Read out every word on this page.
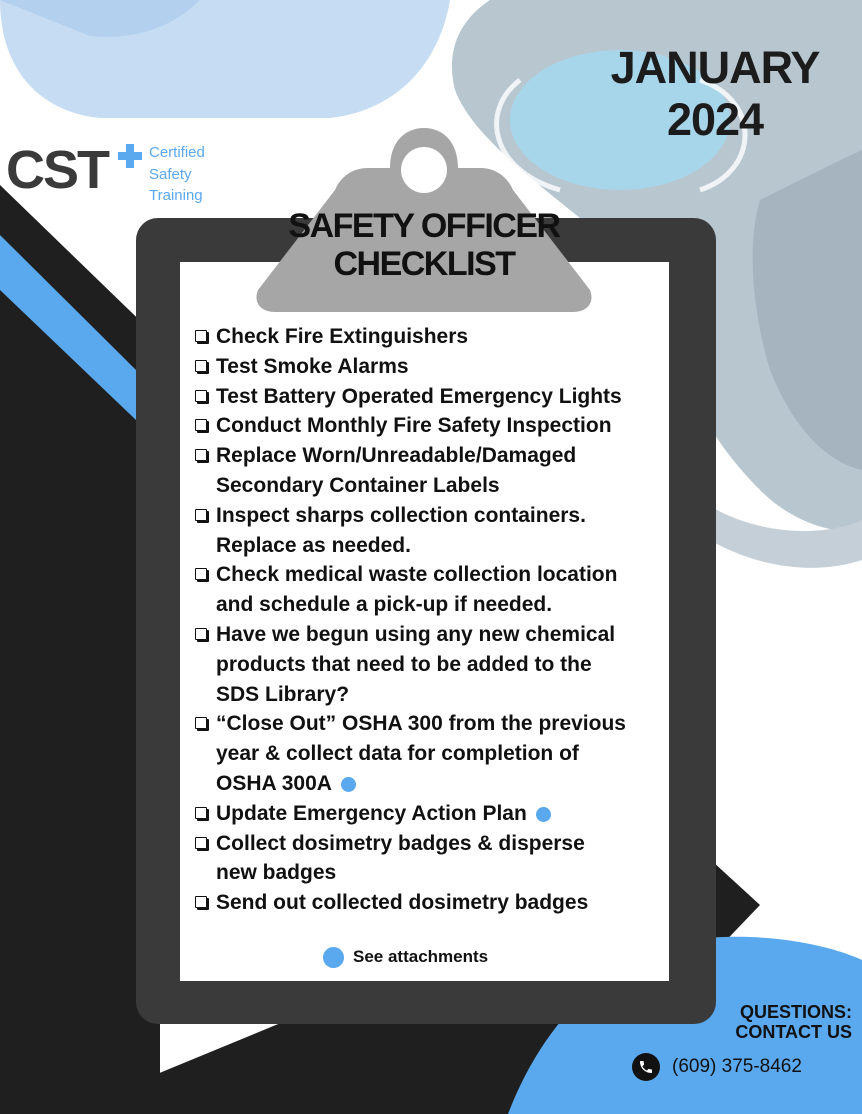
JANUARY
2024
CST	Certified
Safety
Training
SAFETY OFFICER
CHECKLIST
Check Fire Extinguishers
Test Smoke Alarms
Test Battery Operated Emergency Lights
Conduct Monthly Fire Safety Inspection
Replace Worn/Unreadable/Damaged
Secondary Container Labels
Inspect sharps collection containers.
Replace as needed.
Check medical waste collection location
and schedule a pick-up if needed.
Have we begun using any new chemical
products that need to be added to the
SDS Library?
“Close Out” OSHA 300 from the previous
year & collect data for completion of
OSHA 300A
Update Emergency Action Plan
Collect dosimetry badges & disperse
new badges
Send out collected dosimetry badges
See attachments
QUESTIONS:
CONTACT US
(609) 375-8462
